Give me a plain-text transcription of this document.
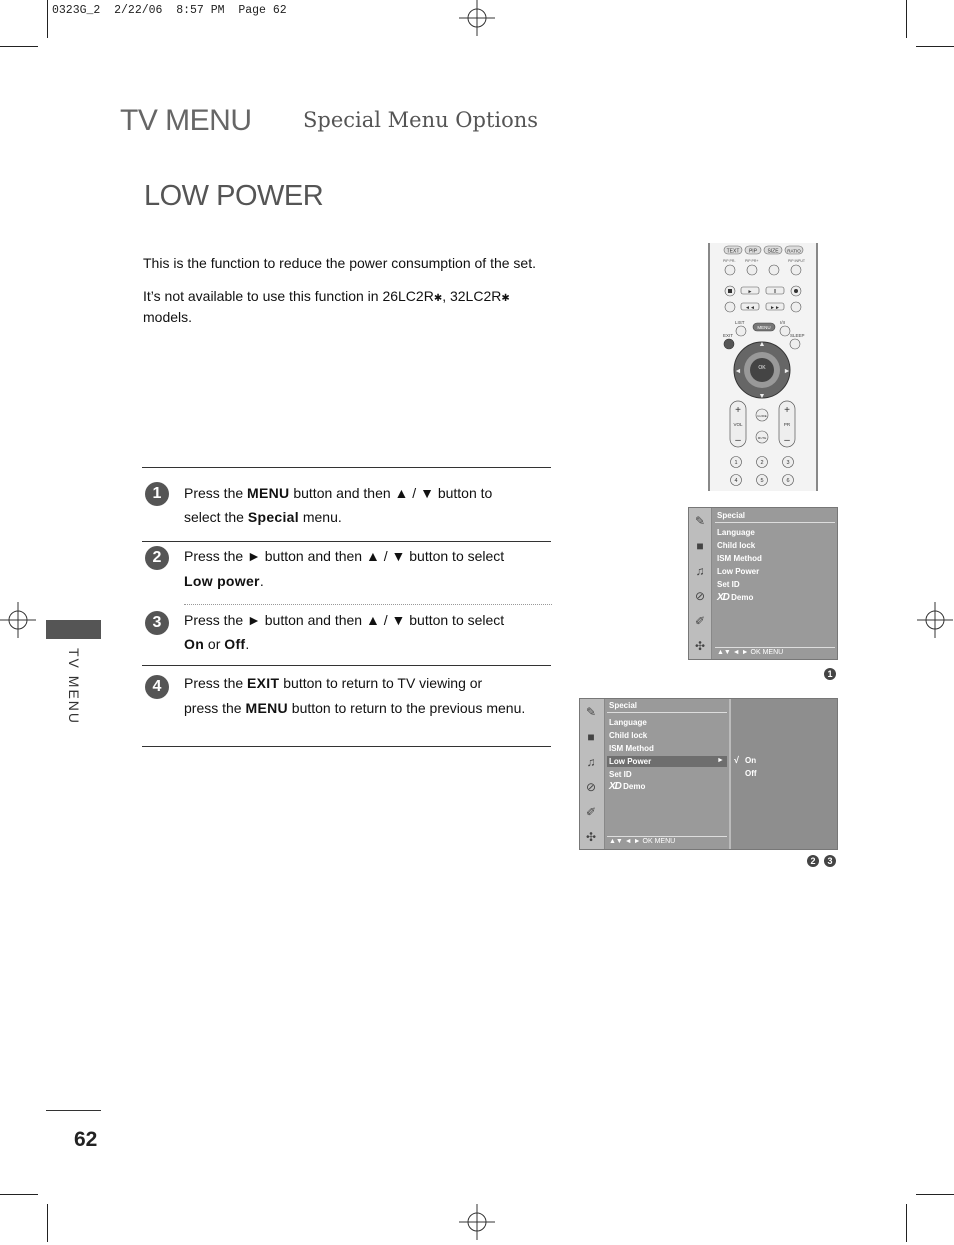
0323G_2  2/22/06  8:57 PM  Page 62
TV MENU Special Menu Options
LOW POWER
This is the function to reduce the power consumption of the set.
It’s not available to use this function in 26LC2R✱, 32LC2R✱
models.
1	Press the MENU button and then ▲ / ▼ button to
select the Special menu.
2	Press the ► button and then ▲ / ▼ button to select
Low power.
3	Press the ► button and then ▲ / ▼ button to select
On or Off.
4	Press the EXIT button to return to TV viewing or
press the MENU button to return to the previous menu.
TV MENU
62
TEXT PIP SIZE RATIO
PIP PR-	PIP PR+	PIP INPUT
►	II
◄◄	►►
LIST	I/II
MENU
EXIT	SLEEP
OK
▲
▼
◄	►
+
VOL
–
+
PR
–
GUIDE
MUTE
1	2	3
4	5	6
✎
■
♫
⊘
✐
✣
Special
Language
Child lock
ISM Method
Low Power
Set ID
XD Demo
▲▼ ◄ ► OK MENU
1
✎
■
♫
⊘
✐
✣
Special
Language
Child lock
ISM Method
Low Power	►
Set ID
XD Demo
▲▼ ◄ ► OK MENU
√ On
Off
2	3
